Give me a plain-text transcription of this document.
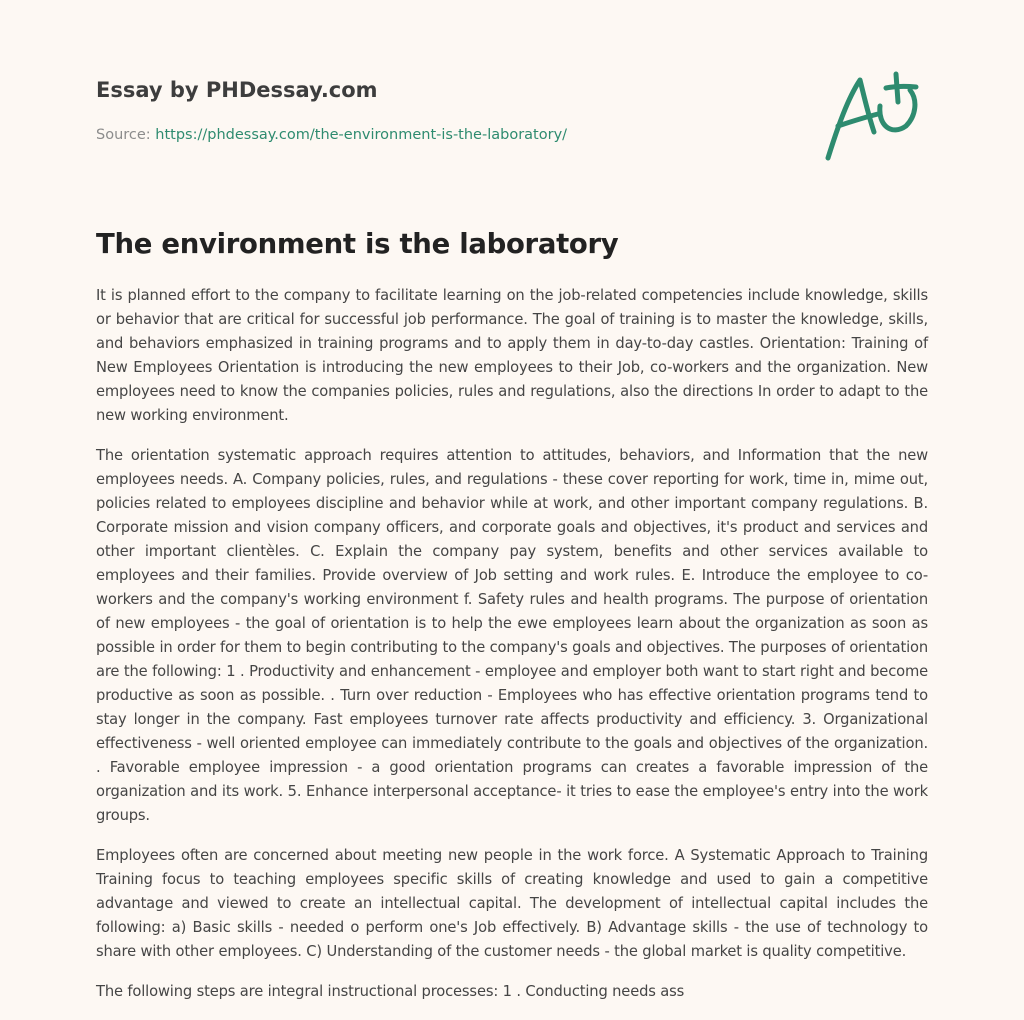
Essay by PHDessay.com
Source: https://phdessay.com/the-environment-is-the-laboratory/
The environment is the laboratory

It is planned effort to the company to facilitate learning on the job-related competencies include knowledge, skills or behavior that are critical for successful job performance. The goal of training is to master the knowledge, skills, and behaviors emphasized in training programs and to apply them in day-to-day castles. Orientation: Training of New Employees Orientation is introducing the new employees to their Job, co-workers and the organization. New employees need to know the companies policies, rules and regulations, also the directions In order to adapt to the new working environment.

The orientation systematic approach requires attention to attitudes, behaviors, and Information that the new employees needs. A. Company policies, rules, and regulations - these cover reporting for work, time in, mime out, policies related to employees discipline and behavior while at work, and other important company regulations. B. Corporate mission and vision company officers, and corporate goals and objectives, it's product and services and other important clientèles. C. Explain the company pay system, benefits and other services available to employees and their families. Provide overview of Job setting and work rules. E. Introduce the employee to co-workers and the company's working environment f. Safety rules and health programs. The purpose of orientation of new employees - the goal of orientation is to help the ewe employees learn about the organization as soon as possible in order for them to begin contributing to the company's goals and objectives. The purposes of orientation are the following: 1 . Productivity and enhancement - employee and employer both want to start right and become productive as soon as possible. . Turn over reduction - Employees who has effective orientation programs tend to stay longer in the company. Fast employees turnover rate affects productivity and efficiency. 3. Organizational effectiveness - well oriented employee can immediately contribute to the goals and objectives of the organization. . Favorable employee impression - a good orientation programs can creates a favorable impression of the organization and its work. 5. Enhance interpersonal acceptance- it tries to ease the employee's entry into the work groups.

Employees often are concerned about meeting new people in the work force. A Systematic Approach to Training Training focus to teaching employees specific skills of creating knowledge and used to gain a competitive advantage and viewed to create an intellectual capital. The development of intellectual capital includes the following: a) Basic skills - needed o perform one's Job effectively. B) Advantage skills - the use of technology to share with other employees. C) Understanding of the customer needs - the global market is quality competitive.

The following steps are integral instructional processes: 1 . Conducting needs ass
